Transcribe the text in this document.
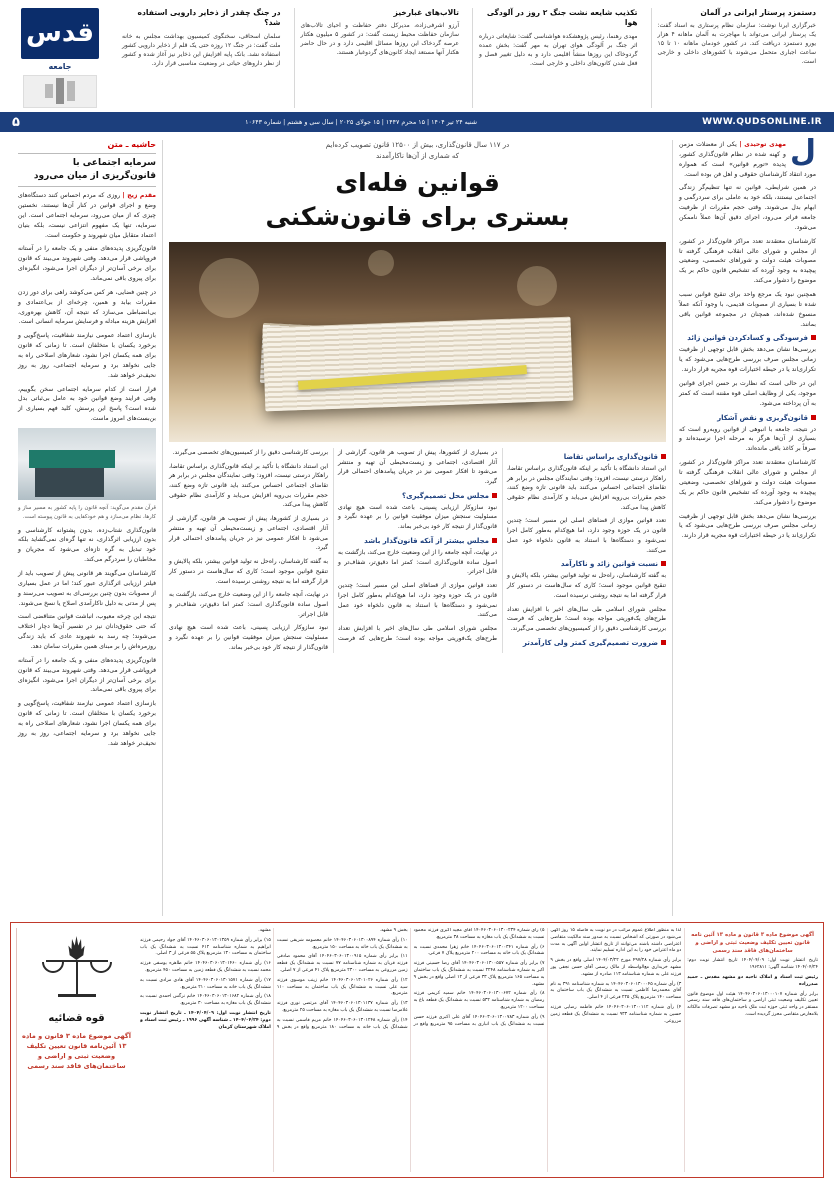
قدس
جامعه
دستمزد پرستار ایرانی در آلمان

خبرگزاری ایرنا نوشت: سازمان نظام پرستاری به اسناد گفت: یک پرستار ایرانی می‌تواند با مهاجرت به آلمان ماهانه ۴ هزار یورو دستمزد دریافت کند. در کشور خودمان ماهانه ۱۰ تا ۱۵ ساعت اجباری متحمل می‌شوند با کشورهای داخلی و خارجی است.

تکذیب شایعه نشت جنگ ۲ روز در آلودگی هوا

مهدی رهنما، رئیس پژوهشکده هواشناسی گفت: شایعاتی درباره اثر جنگ بر آلودگی هوای تهران به مهر گفت: بخش عمده گردوخاک این روزها منشأ اقلیمی دارد و به دلیل تغییر فصل و فعل شدن کانون‌های داخلی و خارجی است.

تالاب‌های غبارخیز

آرزو اشرفی‌زاده، مدیرکل دفتر حفاظت و احیای تالاب‌های سازمان حفاظت محیط زیست گفت: در کشور ۵ میلیون هکتار عرصه گردخاک این روزها مسائل اقلیمی دارد و در حال حاضر هکتار آنها مستعد ایجاد کانون‌های گردوغبار هستند.

در جنگ چقدر از ذخایر دارویی استفاده شد؟

سلمان اسحاقی، سخنگوی کمیسیون بهداشت مجلس به خانه ملت گفت: در جنگ ۱۲ روزه حتی یک قلم از ذخایر دارویی کشور استفاده نشد. بانک پایه افزایش این ذخایر نیز آغاز شده و کشور از نظر داروهای حیاتی در وضعیت مناسبی قرار دارد.

۵	شنبه ۲۴ تیر ۱۴۰۴ | ۱۵ محرم ۱۴۴۷ | ۱۵ جولای ۲۰۲۵ | سال سی و هشتم | شماره ۱۰۶۴۳	WWW.QUDSONLINE.IR
ل

مهدی توحیدی | یکی از معضلات مزمن و کهنه شده در نظام قانون‌گذاری کشور، پدیده «تورم قوانین» است که همواره مورد انتقاد کارشناسان حقوقی و اهل فن بوده است.

در همین شرایطی، قوانین نه تنها تنظیم‌گر زندگی اجتماعی نیستند، بلکه خود به عاملی برای سردرگمی و ابهام بدل می‌شوند. وقتی حجم مقررات از ظرفیت جامعه فراتر می‌رود، اجرای دقیق آن‌ها عملاً ناممکن می‌شود.

کارشناسان معتقدند تعدد مراکز قانون‌گذار در کشور، از مجلس و شورای عالی انقلاب فرهنگی گرفته تا مصوبات هیئت دولت و شوراهای تخصصی، وضعیتی پیچیده به وجود آورده که تشخیص قانون حاکم بر یک موضوع را دشوار می‌کند.

همچنین نبود یک مرجع واحد برای تنقیح قوانین سبب شده تا بسیاری از مصوبات قدیمی، با وجود آنکه عملاً منسوخ شده‌اند، همچنان در مجموعه قوانین باقی بمانند.

فرسودگی و کسادکردن قوانین زائد

بررسی‌ها نشان می‌دهد بخش قابل توجهی از ظرفیت زمانی مجلس صرف بررسی طرح‌هایی می‌شود که یا تکراری‌اند یا در حیطه اختیارات قوه مجریه قرار دارند.

این در حالی است که نظارت بر حسن اجرای قوانین موجود، یکی از وظایف اصلی قوه مقننه است که کمتر به آن پرداخته می‌شود.

قانون‌گریزی و نقض آشکار

در نتیجه، جامعه با انبوهی از قوانین روبه‌رو است که بسیاری از آن‌ها هرگز به مرحله اجرا نرسیده‌اند و صرفاً بر کاغذ باقی مانده‌اند.

کارشناسان معتقدند تعدد مراکز قانون‌گذار در کشور، از مجلس و شورای عالی انقلاب فرهنگی گرفته تا مصوبات هیئت دولت و شوراهای تخصصی، وضعیتی پیچیده به وجود آورده که تشخیص قانون حاکم بر یک موضوع را دشوار می‌کند.

بررسی‌ها نشان می‌دهد بخش قابل توجهی از ظرفیت زمانی مجلس صرف بررسی طرح‌هایی می‌شود که یا تکراری‌اند یا در حیطه اختیارات قوه مجریه قرار دارند.

در ۱۱۷ سال قانون‌گذاری، بیش از ۱۲۵۰۰ قانون تصویب کرده‌ایم
که شماری از آن‌ها ناکارآمدند
قوانین فله‌ای
بستری برای قانون‌شکنی
قانون‌گذاری براساس تقاضا

این استناد دانشگاه با تأکید بر اینکه قانون‌گذاری براساس تقاضا، راهکار درستی نیست، افزود: وقتی نمایندگان مجلس در برابر هر تقاضای اجتماعی احساس می‌کنند باید قانونی تازه وضع کنند، حجم مقررات بی‌رویه افزایش می‌یابد و کارآمدی نظام حقوقی کاهش پیدا می‌کند.

تعدد قوانین موازی از قضاهای اصلی این مسیر است؛ چندین قانون در یک حوزه وجود دارد، اما هیچ‌کدام به‌طور کامل اجرا نمی‌شود و دستگاه‌ها با استناد به قانون دلخواه خود عمل می‌کنند.

نسبت قوانین زائد و ناکارآمد

به گفته کارشناسان، راه‌حل نه تولید قوانین بیشتر، بلکه پالایش و تنقیح قوانین موجود است؛ کاری که سال‌هاست در دستور کار قرار گرفته اما به نتیجه روشنی نرسیده است.

مجلس شورای اسلامی طی سال‌های اخیر با افزایش تعداد طرح‌های یک‌فوریتی مواجه بوده است؛ طرح‌هایی که فرصت بررسی کارشناسی دقیق را از کمیسیون‌های تخصصی می‌گیرند.

ضرورت تصمیم‌گیری کمتر ولی کارآمدتر

در بسیاری از کشورها، پیش از تصویب هر قانون، گزارشی از آثار اقتصادی، اجتماعی و زیست‌محیطی آن تهیه و منتشر می‌شود تا افکار عمومی نیز در جریان پیامدهای احتمالی قرار گیرد.

مجلس محل تصمیم‌گیری؟

نبود سازوکار ارزیابی پسینی، باعث شده است هیچ نهادی مسئولیت سنجش میزان موفقیت قوانین را بر عهده نگیرد و قانون‌گذار از نتیجه کار خود بی‌خبر بماند.

مجلس بیشتر از آنکه قانون‌گذار باشد

در نهایت، آنچه جامعه را از این وضعیت خارج می‌کند، بازگشت به اصول ساده قانون‌گذاری است: کمتر اما دقیق‌تر، شفاف‌تر و قابل اجراتر.

تعدد قوانین موازی از قضاهای اصلی این مسیر است؛ چندین قانون در یک حوزه وجود دارد، اما هیچ‌کدام به‌طور کامل اجرا نمی‌شود و دستگاه‌ها با استناد به قانون دلخواه خود عمل می‌کنند.

مجلس شورای اسلامی طی سال‌های اخیر با افزایش تعداد طرح‌های یک‌فوریتی مواجه بوده است؛ طرح‌هایی که فرصت بررسی کارشناسی دقیق را از کمیسیون‌های تخصصی می‌گیرند.

این استناد دانشگاه با تأکید بر اینکه قانون‌گذاری براساس تقاضا، راهکار درستی نیست، افزود: وقتی نمایندگان مجلس در برابر هر تقاضای اجتماعی احساس می‌کنند باید قانونی تازه وضع کنند، حجم مقررات بی‌رویه افزایش می‌یابد و کارآمدی نظام حقوقی کاهش پیدا می‌کند.

در بسیاری از کشورها، پیش از تصویب هر قانون، گزارشی از آثار اقتصادی، اجتماعی و زیست‌محیطی آن تهیه و منتشر می‌شود تا افکار عمومی نیز در جریان پیامدهای احتمالی قرار گیرد.

به گفته کارشناسان، راه‌حل نه تولید قوانین بیشتر، بلکه پالایش و تنقیح قوانین موجود است؛ کاری که سال‌هاست در دستور کار قرار گرفته اما به نتیجه روشنی نرسیده است.

در نهایت، آنچه جامعه را از این وضعیت خارج می‌کند، بازگشت به اصول ساده قانون‌گذاری است: کمتر اما دقیق‌تر، شفاف‌تر و قابل اجراتر.

نبود سازوکار ارزیابی پسینی، باعث شده است هیچ نهادی مسئولیت سنجش میزان موفقیت قوانین را بر عهده نگیرد و قانون‌گذار از نتیجه کار خود بی‌خبر بماند.

حاشیه ـ متن
سرمایه اجتماعی با قانون‌گریزی از میان می‌رود

مقدم زیج | روزی که مردم احساس کنند دستگاه‌های وضع و اجرای قوانین در کنار آن‌ها نیستند، نخستین چیزی که از میان می‌رود، سرمایه اجتماعی است. این سرمایه، تنها یک مفهوم انتزاعی نیست، بلکه بنیان اعتماد متقابل میان شهروند و حکومت است.

قانون‌گریزی پدیده‌های منفی و یک جامعه را در آستانه فروپاشی قرار می‌دهد. وقتی شهروند می‌بیند که قانون برای برخی آسان‌تر از دیگران اجرا می‌شود، انگیزه‌ای برای پیروی باقی نمی‌ماند.

در چنین فضایی، هر کس می‌کوشد راهی برای دور زدن مقررات بیابد و همین، چرخه‌ای از بی‌اعتمادی و بی‌انضباطی می‌سازد که نتیجه آن، کاهش بهره‌وری، افزایش هزینه مبادله و فرسایش سرمایه انسانی است.

بازسازی اعتماد عمومی نیازمند شفافیت، پاسخ‌گویی و برخورد یکسان با متخلفان است. تا زمانی که قانون برای همه یکسان اجرا نشود، شعارهای اصلاحی راه به جایی نخواهد برد و سرمایه اجتماعی، روز به روز نحیف‌تر خواهد شد.

قرار است از کدام سرمایه اجتماعی سخن بگوییم، وقتی فرایند وضع قوانین خود به عامل بی‌ثباتی بدل شده است؟ پاسخ این پرسش، کلید فهم بسیاری از بن‌بست‌های امروز ماست.

قرآن مقدم می‌گوید: آنچه قانون را پایه کشور به مسیر ساز و کارها، نظام می‌سازد و هم خودکفایی به قانون پیوسته است.

قانون‌گذاری شتاب‌زده، بدون پشتوانه کارشناسی و بدون ارزیابی اثرگذاری، نه تنها گره‌ای نمی‌گشاید بلکه خود تبدیل به گره تازه‌ای می‌شود که مجریان و مخاطبان را سردرگم می‌کند.

کارشناسان می‌گویند هر قانونی پیش از تصویب باید از فیلتر ارزیابی اثرگذاری عبور کند؛ اما در عمل بسیاری از مصوبات بدون چنین بررسی‌ای به تصویب می‌رسند و پس از مدتی به دلیل ناکارآمدی اصلاح یا نسخ می‌شوند.

نتیجه این چرخه معیوب، انباشت قوانین متناقضی است که حتی حقوق‌دانان نیز در تفسیر آن‌ها دچار اختلاف می‌شوند؛ چه رسد به شهروند عادی که باید زندگی روزمره‌اش را بر مبنای همین مقررات سامان دهد.

قانون‌گریزی پدیده‌های منفی و یک جامعه را در آستانه فروپاشی قرار می‌دهد. وقتی شهروند می‌بیند که قانون برای برخی آسان‌تر از دیگران اجرا می‌شود، انگیزه‌ای برای پیروی باقی نمی‌ماند.

بازسازی اعتماد عمومی نیازمند شفافیت، پاسخ‌گویی و برخورد یکسان با متخلفان است. تا زمانی که قانون برای همه یکسان اجرا نشود، شعارهای اصلاحی راه به جایی نخواهد برد و سرمایه اجتماعی، روز به روز نحیف‌تر خواهد شد.

آگهی موضوع ماده ۳ قانون و ماده ۱۳ آئین نامه قانون تعیین تکلیف وضعیت ثبتی و اراضی و ساختمان‌های فاقد سند رسمی

تاریخ انتشار نوبت اول: ۱۴۰۴/۰۴/۰۹ تاریخ انتشار نوبت دوم: ۱۴۰۴/۰۴/۲۴ شناسه آگهی: ۱۹۶۲۸۱۱

رئیس ثبت اسناد و املاک ناحیه دو مشهد مقدس ـ حمید صدرزاده

برابر رأی شماره ۱۴۰۴۶۰۳۰۶۰۱۳۰۰۰۱۰۷ هیئت اول موضوع قانون تعیین تکلیف وضعیت ثبتی اراضی و ساختمان‌های فاقد سند رسمی مستقر در واحد ثبتی حوزه ثبت ملک ناحیه دو مشهد تصرفات مالکانه بلامعارض متقاضی محرز گردیده است.

لذا به منظور اطلاع عموم مراتب در دو نوبت به فاصله ۱۵ روز آگهی می‌شود در صورتی که اشخاص نسبت به صدور سند مالکیت متقاضی اعتراضی داشته باشند می‌توانند از تاریخ انتشار اولین آگهی به مدت دو ماه اعتراض خود را به این اداره تسلیم نمایند.

برابر رأی شماره ۴۹۷/۲۸ مورخ ۱۴۰۴/۰۳/۲۲ اصلی واقع در بخش ۹ مشهد خریداری مع‌الواسطه از مالک رسمی آقای حسن نجفی پور فرزند علی به شماره شناسنامه ۱۱۳ صادره از مشهد.

۳) رأی شماره ۱۴۰۴۶۰۳۰۶۰۱۳۰۰۰۴۵ به شماره شناسنامه ۳۹۱ به نام آقای محمدرضا کاظمی نسبت به ششدانگ یک باب ساختمان به مساحت ۱۴۰ مترمربع پلاک ۲۲۵ فرعی از ۴ اصلی.

۴) رأی شماره ۱۴۰۴۶۰۳۰۶۰۱۳۰۰۱۱۲ خانم فاطمه رضایی فرزند حسین به شماره شناسنامه ۹۳۳ نسبت به ششدانگ یک قطعه زمین مزروعی.

۵) رأی شماره ۱۴۰۴۶۰۳۰۶۰۱۳۰۰۲۳۴ آقای مجید اکبری فرزند محمود نسبت به ششدانگ یک باب مغازه به مساحت ۳۸ مترمربع.

۶) رأی شماره ۱۴۰۴۶۰۳۰۶۰۱۳۰۰۳۴۱ خانم زهرا محمدی نسبت به ششدانگ یک باب خانه به مساحت ۲۰۰ مترمربع پلاک ۷ فرعی.

۷) برابر رأی شماره ۱۴۰۴۶۰۳۰۶۰۱۳۰۰۵۵۷ آقای رضا حسینی فرزند اکبر به شماره شناسنامه ۲۲۴۸ نسبت به ششدانگ یک باب ساختمان به مساحت ۱۶۵ مترمربع پلاک ۳۳ فرعی از ۱۲ اصلی واقع در بخش ۹ مشهد.

۸) رأی شماره ۱۴۰۴۶۰۳۰۶۰۱۳۰۰۶۷۲ خانم سمیه کریمی فرزند رمضان به شماره شناسنامه ۵۳۲ نسبت به ششدانگ یک قطعه باغ به مساحت ۱۲۰۰ مترمربع.

۹) رأی شماره ۱۴۰۴۶۰۳۰۶۰۱۳۰۰۷۸۳ آقای علی اکبری فرزند حسن نسبت به ششدانگ یک باب انباری به مساحت ۹۵ مترمربع واقع در بخش ۹ مشهد.

۱۰) رأی شماره ۱۴۰۴۶۰۳۰۶۰۱۳۰۰۸۹۴ خانم معصومه شریفی نسبت به ششدانگ یک باب خانه به مساحت ۱۵۰ مترمربع.

۱۱) برابر رأی شماره ۱۴۰۴۶۰۳۰۶۰۱۳۰۰۹۱۵ آقای محمود صادقی فرزند قربان به شماره شناسنامه ۷۷ نسبت به ششدانگ یک قطعه زمین مزروعی به مساحت ۲۳۰۰ مترمربع پلاک ۴۱ فرعی از ۷ اصلی.

۱۲) رأی شماره ۱۴۰۴۶۰۳۰۶۰۱۳۰۱۰۲۶ خانم زینب موسوی فرزند سید علی نسبت به ششدانگ یک باب ساختمان به مساحت ۱۱۰ مترمربع.

۱۳) رأی شماره ۱۴۰۴۶۰۳۰۶۰۱۳۰۱۱۳۷ آقای مرتضی نوری فرزند غلامرضا نسبت به ششدانگ یک باب مغازه به مساحت ۲۵ مترمربع.

۱۴) رأی شماره ۱۴۰۴۶۰۳۰۶۰۱۳۰۱۲۴۸ خانم مریم قاسمی نسبت به ششدانگ یک باب خانه به مساحت ۱۸۰ مترمربع واقع در بخش ۹ مشهد.

۱۵) برابر رأی شماره ۱۴۰۴۶۰۳۰۶۰۱۳۰۱۳۵۹ آقای جواد رحیمی فرزند ابراهیم به شماره شناسنامه ۴۱۲ نسبت به ششدانگ یک باب ساختمان به مساحت ۱۳۰ مترمربع پلاک ۵۵ فرعی از ۳ اصلی.

۱۶) رأی شماره ۱۴۰۴۶۰۳۰۶۰۱۳۰۱۴۶۰ خانم طاهره یوسفی فرزند محمد نسبت به ششدانگ یک قطعه زمین به مساحت ۴۵۰ مترمربع.

۱۷) رأی شماره ۱۴۰۴۶۰۳۰۶۰۱۳۰۱۵۷۱ آقای هادی مرادی نسبت به ششدانگ یک باب خانه به مساحت ۲۱۰ مترمربع.

۱۸) رأی شماره ۱۴۰۴۶۰۳۰۶۰۱۳۰۱۶۸۲ خانم نرگس احمدی نسبت به ششدانگ یک باب مغازه به مساحت ۳۰ مترمربع.

تاریخ انتشار نوبت اول: ۱۴۰۴/۰۴/۰۹ ـ تاریخ انتشار نوبت دوم: ۱۴۰۴/۰۴/۲۴ ـ شناسه آگهی ۱۹۹۶ ـ رئیس ثبت اسناد و املاک شهرستان کرمان

قوه قضائیه
آگهی موضوع ماده ۳ قانون و ماده ۱۳ آئین‌نامه قانون تعیین تکلیف وضعیت ثبتی و اراضی و ساختمان‌های فاقد سند رسمی
